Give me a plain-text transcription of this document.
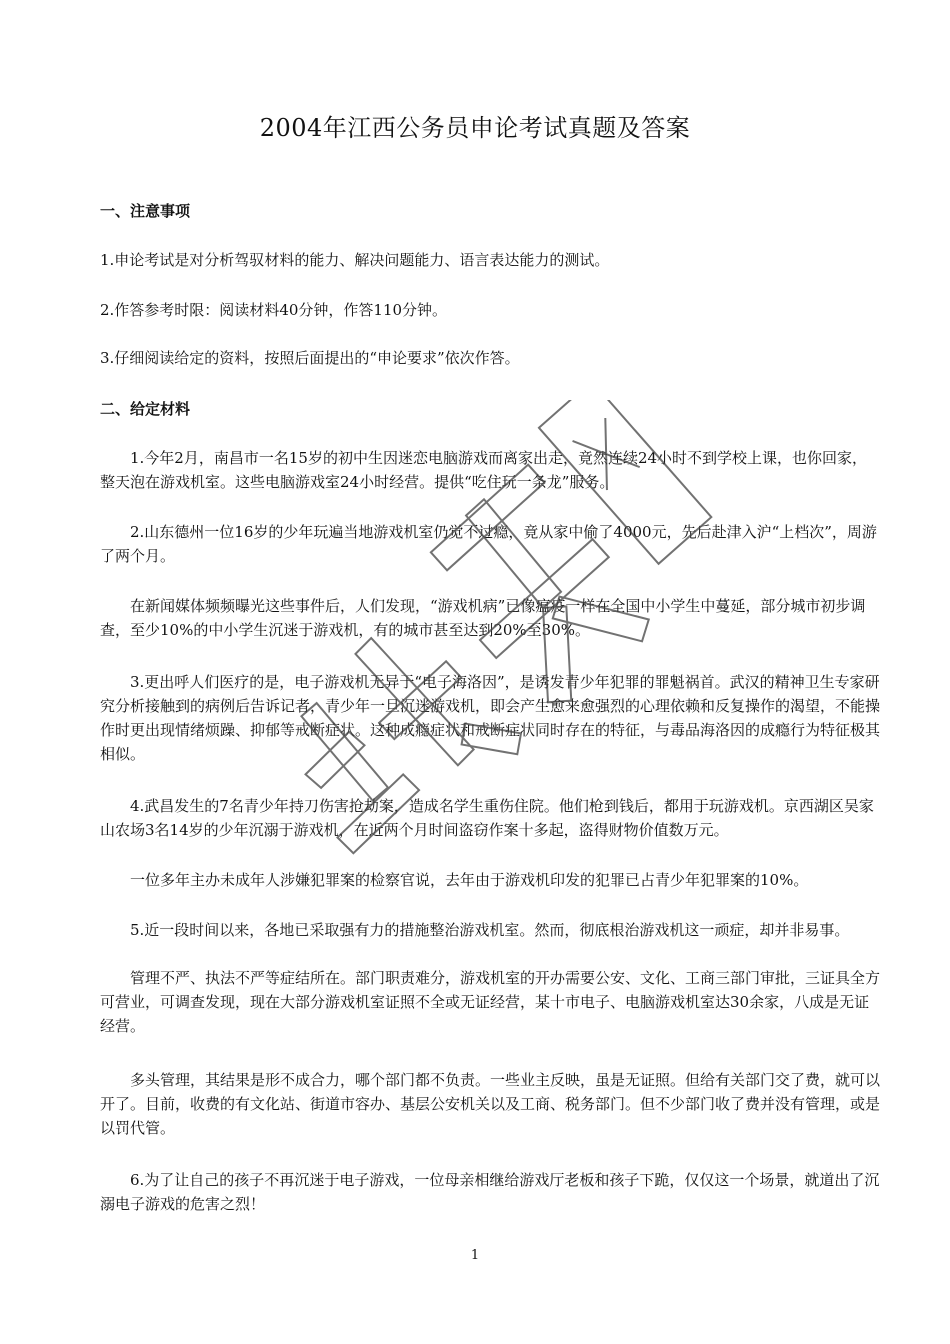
2004年江西公务员申论考试真题及答案
一、注意事项
1.申论考试是对分析驾驭材料的能力、解决问题能力、语言表达能力的测试。
2.作答参考时限：阅读材料40分钟，作答110分钟。
3.仔细阅读给定的资料，按照后面提出的“申论要求”依次作答。
二、给定材料
1.今年2月，南昌市一名15岁的初中生因迷恋电脑游戏而离家出走，竟然连续24小时不到学校上课，也你回家，整天泡在游戏机室。这些电脑游戏室24小时经营。提供“吃住玩一条龙”服务。
2.山东德州一位16岁的少年玩遍当地游戏机室仍觉不过瘾，竟从家中偷了4000元，先后赴津入沪“上档次”，周游了两个月。
在新闻媒体频频曝光这些事件后，人们发现，“游戏机病”已像瘟疫一样在全国中小学生中蔓延，部分城市初步调查，至少10%的中小学生沉迷于游戏机，有的城市甚至达到20%至30%。
3.更出呼人们医疗的是，电子游戏机无异于“电子海洛因”，是诱发青少年犯罪的罪魁祸首。武汉的精神卫生专家研究分析接触到的病例后告诉记者，青少年一旦沉迷游戏机，即会产生愈来愈强烈的心理依赖和反复操作的渴望，不能操作时更出现情绪烦躁、抑郁等戒断症状。这种成瘾症状和戒断症状同时存在的特征，与毒品海洛因的成瘾行为特征极其相似。
4.武昌发生的7名青少年持刀伤害抢劫案，造成名学生重伤住院。他们枪到钱后，都用于玩游戏机。京西湖区吴家山农场3名14岁的少年沉溺于游戏机，在近两个月时间盗窃作案十多起，盗得财物价值数万元。
一位多年主办未成年人涉嫌犯罪案的检察官说，去年由于游戏机印发的犯罪已占青少年犯罪案的10%。
5.近一段时间以来，各地已采取强有力的措施整治游戏机室。然而，彻底根治游戏机这一顽症，却并非易事。
管理不严、执法不严等症结所在。部门职责难分，游戏机室的开办需要公安、文化、工商三部门审批，三证具全方可营业，可调查发现，现在大部分游戏机室证照不全或无证经营，某十市电子、电脑游戏机室达30余家，八成是无证经营。
多头管理，其结果是形不成合力，哪个部门都不负责。一些业主反映，虽是无证照。但给有关部门交了费，就可以开了。目前，收费的有文化站、街道市容办、基层公安机关以及工商、税务部门。但不少部门收了费并没有管理，或是以罚代管。
6.为了让自己的孩子不再沉迷于电子游戏，一位母亲相继给游戏厅老板和孩子下跪，仅仅这一个场景，就道出了沉溺电子游戏的危害之烈！
1
